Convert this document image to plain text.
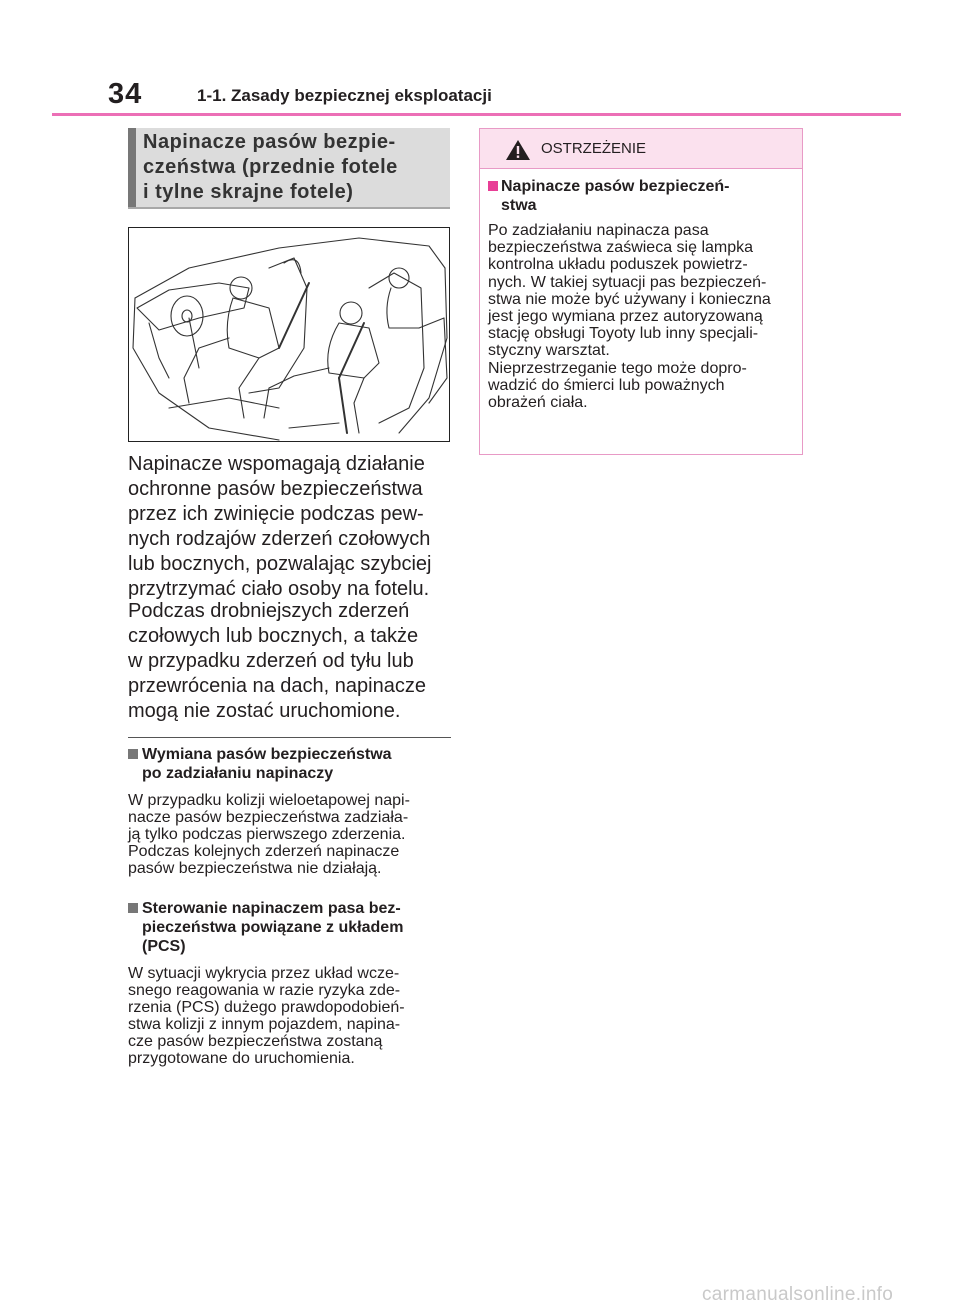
34	1-1. Zasady bezpiecznej eksploatacji
Napinacze pasów bezpie-
czeństwa (przednie fotele
i tylne skrajne fotele)
Napinacze wspomagają działanie
ochronne pasów bezpieczeństwa
przez ich zwinięcie podczas pew-
nych rodzajów zderzeń czołowych
lub bocznych, pozwalając szybciej
przytrzymać ciało osoby na fotelu.
Podczas drobniejszych zderzeń
czołowych lub bocznych, a także
w przypadku zderzeń od tyłu lub
przewrócenia na dach, napinacze
mogą nie zostać uruchomione.
Wymiana pasów bezpieczeństwa
po zadziałaniu napinaczy
W przypadku kolizji wieloetapowej napi-
nacze pasów bezpieczeństwa zadziała-
ją tylko podczas pierwszego zderzenia.
Podczas kolejnych zderzeń napinacze
pasów bezpieczeństwa nie działają.
Sterowanie napinaczem pasa bez-
pieczeństwa powiązane z układem
(PCS)
W sytuacji wykrycia przez układ wcze-
snego reagowania w razie ryzyka zde-
rzenia (PCS) dużego prawdopodobień-
stwa kolizji z innym pojazdem, napina-
cze pasów bezpieczeństwa zostaną
przygotowane do uruchomienia.
OSTRZEŻENIE
Napinacze pasów bezpieczeń-
stwa
Po zadziałaniu napinacza pasa
bezpieczeństwa zaświeca się lampka
kontrolna układu poduszek powietrz-
nych. W takiej sytuacji pas bezpieczeń-
stwa nie może być używany i konieczna
jest jego wymiana przez autoryzowaną
stację obsługi Toyoty lub inny specjali-
styczny warsztat.
Nieprzestrzeganie tego może dopro-
wadzić do śmierci lub poważnych
obrażeń ciała.
carmanualsonline.info
